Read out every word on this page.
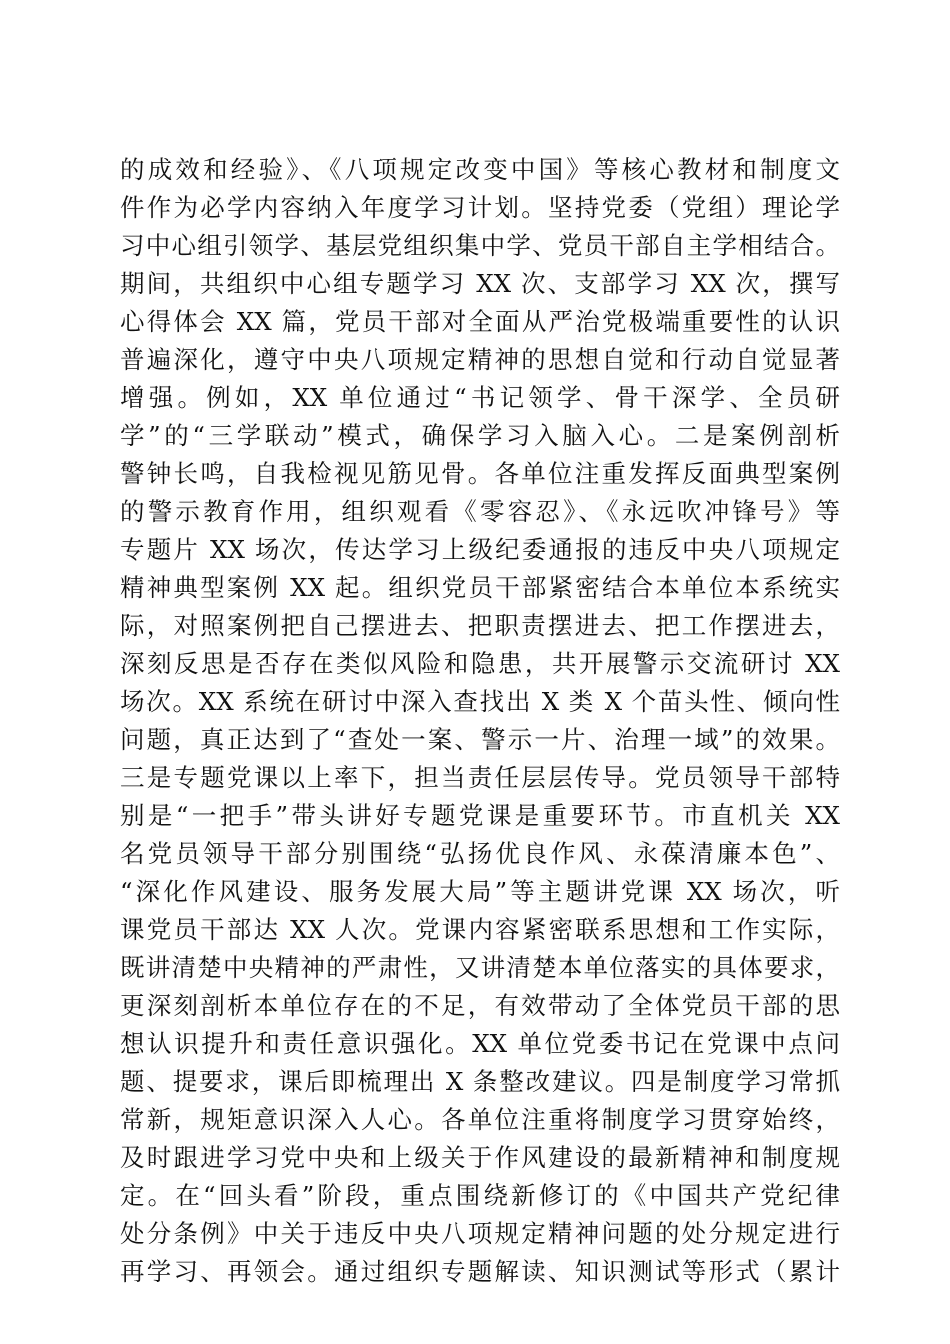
的成效和经验》、《八项规定改变中国》等核心教材和制度文
件作为必学内容纳入年度学习计划。坚持党委（党组）理论学
习中心组引领学、基层党组织集中学、党员干部自主学相结合。
期间，共组织中心组专题学习 XX 次、支部学习 XX 次，撰写
心得体会 XX 篇，党员干部对全面从严治党极端重要性的认识
普遍深化，遵守中央八项规定精神的思想自觉和行动自觉显著
增强。例如，XX 单位通过“书记领学、骨干深学、全员研
学”的“三学联动”模式，确保学习入脑入心。二是案例剖析
警钟长鸣，自我检视见筋见骨。各单位注重发挥反面典型案例
的警示教育作用，组织观看《零容忍》、《永远吹冲锋号》等
专题片 XX 场次，传达学习上级纪委通报的违反中央八项规定
精神典型案例 XX 起。组织党员干部紧密结合本单位本系统实
际，对照案例把自己摆进去、把职责摆进去、把工作摆进去，
深刻反思是否存在类似风险和隐患，共开展警示交流研讨 XX
场次。XX 系统在研讨中深入查找出 X 类 X 个苗头性、倾向性
问题，真正达到了“查处一案、警示一片、治理一域”的效果。
三是专题党课以上率下，担当责任层层传导。党员领导干部特
别是“一把手”带头讲好专题党课是重要环节。市直机关 XX
名党员领导干部分别围绕“弘扬优良作风、永葆清廉本色”、
“深化作风建设、服务发展大局”等主题讲党课 XX 场次，听
课党员干部达 XX 人次。党课内容紧密联系思想和工作实际，
既讲清楚中央精神的严肃性，又讲清楚本单位落实的具体要求，
更深刻剖析本单位存在的不足，有效带动了全体党员干部的思
想认识提升和责任意识强化。XX 单位党委书记在党课中点问
题、提要求，课后即梳理出 X 条整改建议。四是制度学习常抓
常新，规矩意识深入人心。各单位注重将制度学习贯穿始终，
及时跟进学习党中央和上级关于作风建设的最新精神和制度规
定。在“回头看”阶段，重点围绕新修订的《中国共产党纪律
处分条例》中关于违反中央八项规定精神问题的处分规定进行
再学习、再领会。通过组织专题解读、知识测试等形式（累计
